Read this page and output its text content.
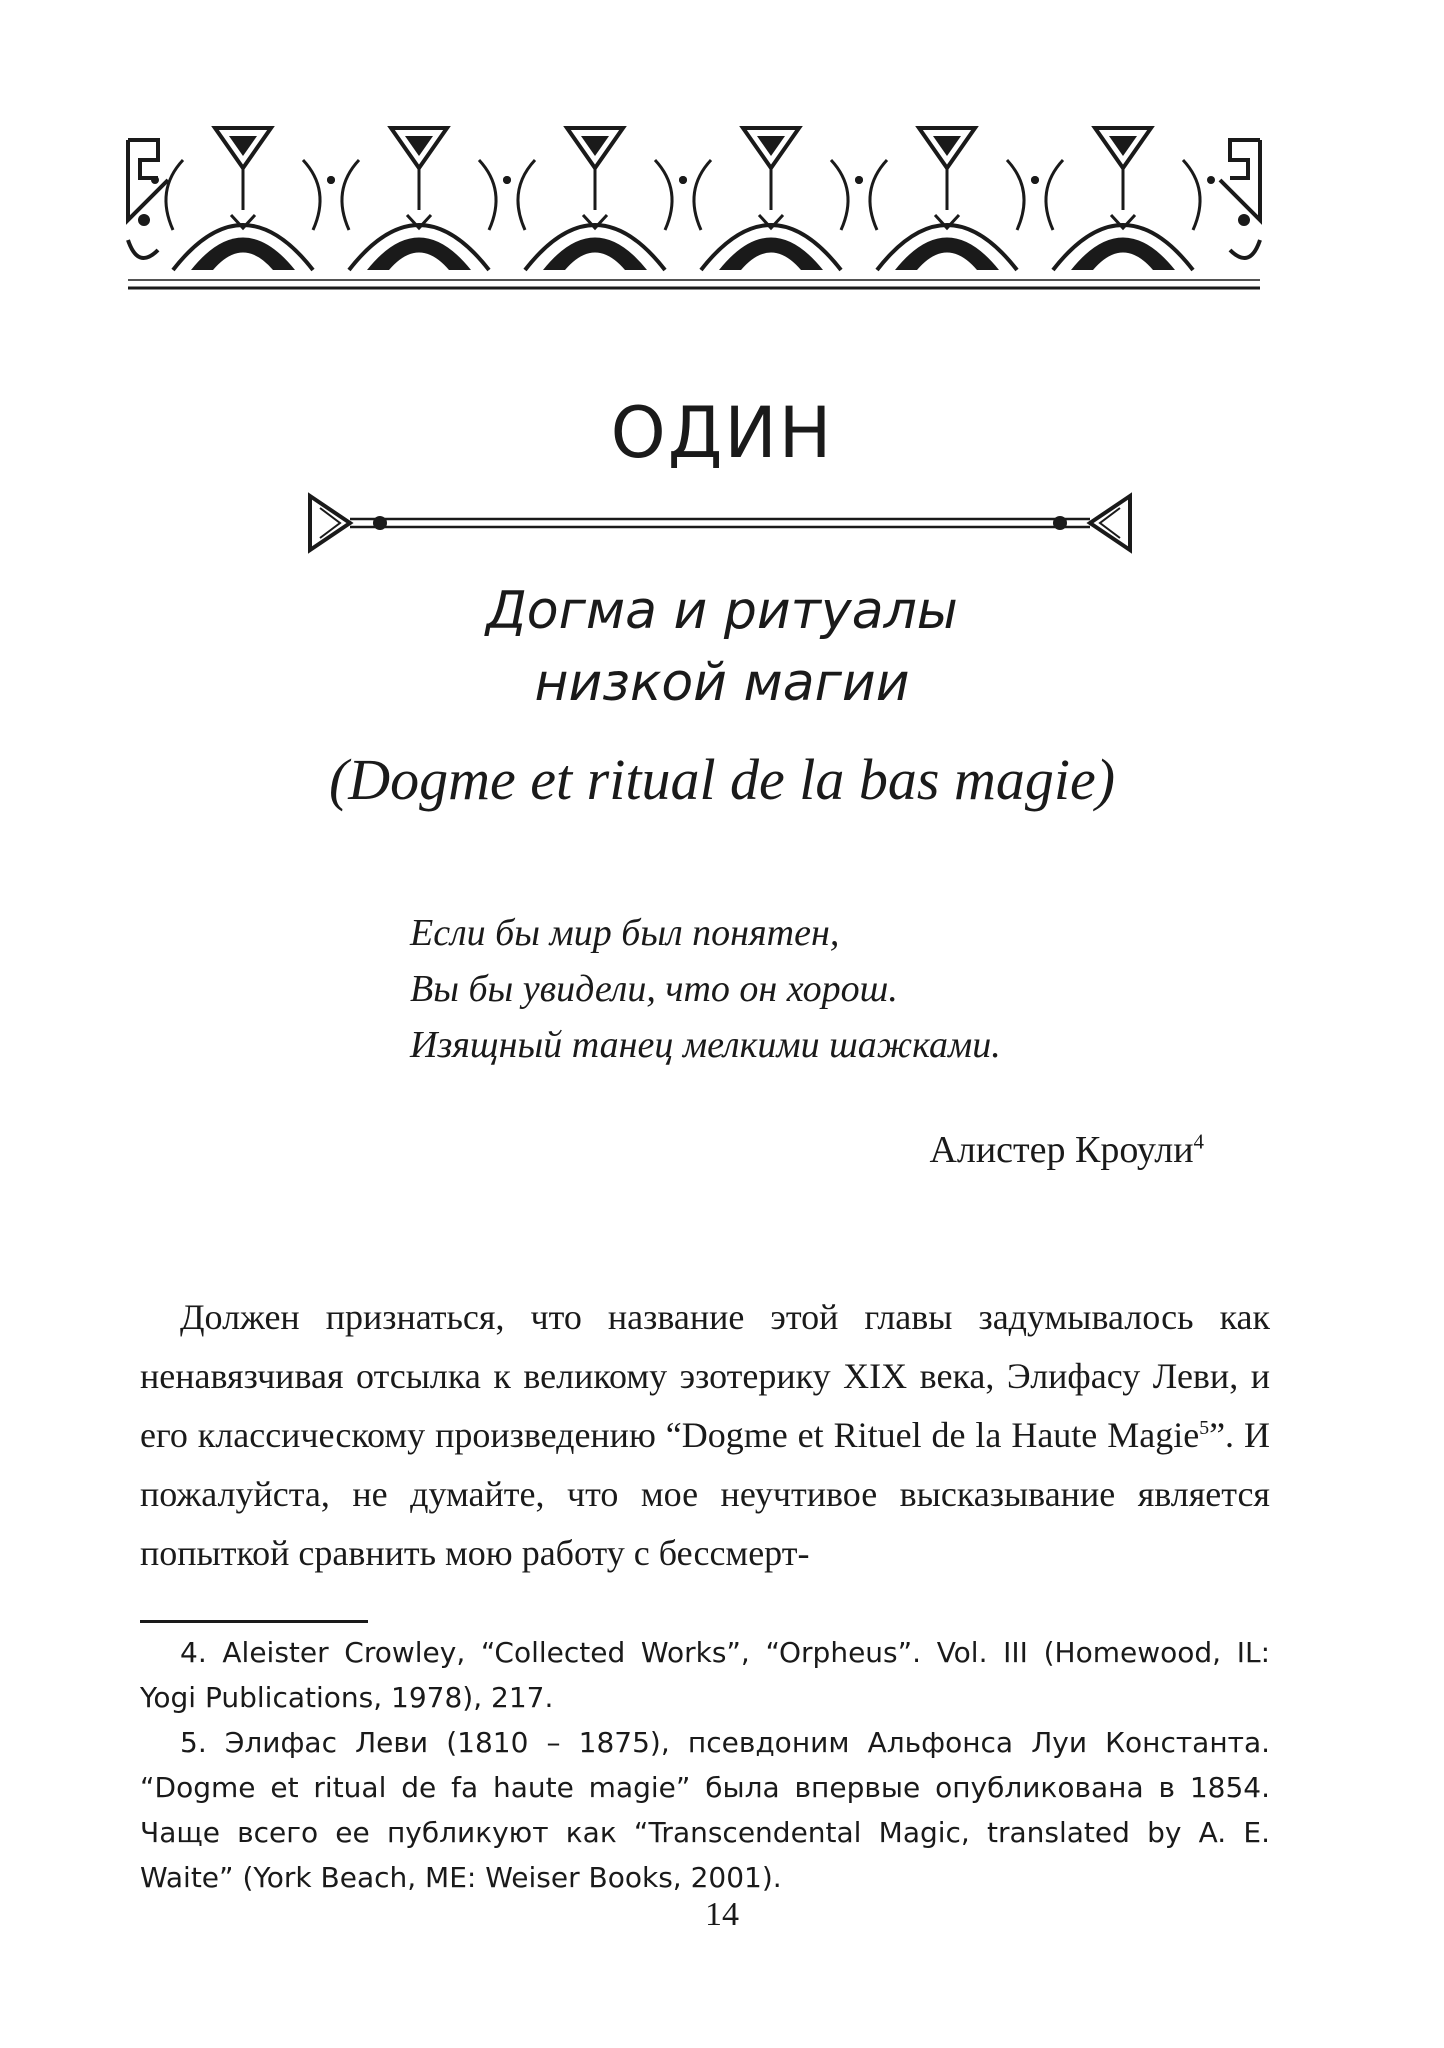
ОДИН
Догма и ритуалы
низкой магии
(Dogme et ritual de la bas magie)
Если бы мир был понятен,
Вы бы увидели, что он хорош.
Изящный танец мелкими шажками.
Алистер Кроули$^4$

Должен признаться, что название этой главы задумывалось как ненавязчивая отсылка к великому эзотерику XIX века, Элифасу Леви, и его классическому произведению “Dogme et Rituel de la Haute Magie$^5$”. И пожалуйста, не думайте, что мое неучтивое высказывание является попыткой сравнить мою работу с бессмерт-

4. Aleister Crowley, “Collected Works”, “Orpheus”. Vol. III (Homewood, IL: Yogi Publications, 1978), 217.

5. Элифас Леви (1810 – 1875), псевдоним Альфонса Луи Константа. “Dogme et ritual de fa haute magie” была впервые опубликована в 1854. Чаще всего ее публикуют как “Transcendental Magic, translated by A. E. Waite” (York Beach, ME: Weiser Books, 2001).

14
